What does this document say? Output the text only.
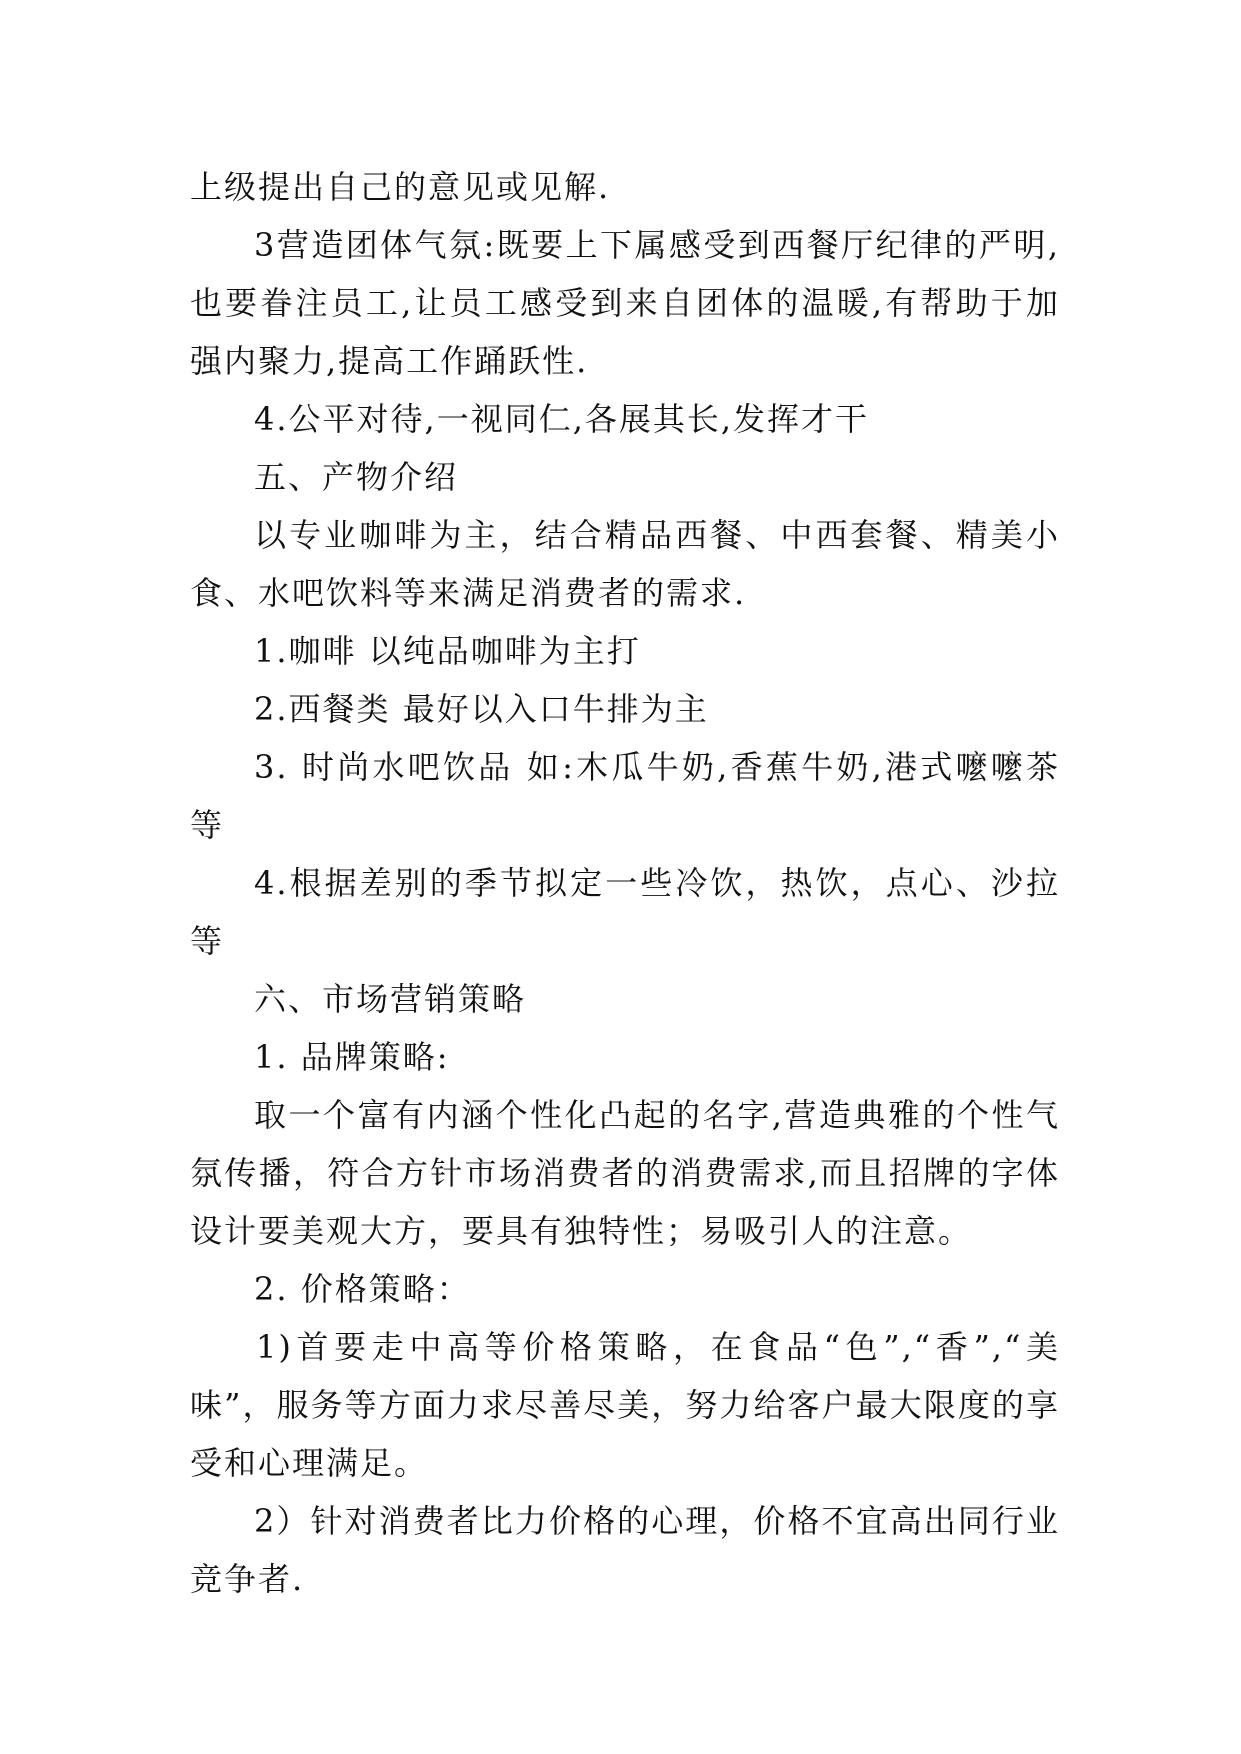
上级提出自己的意见或见解.

3营造团体气氛:既要上下属感受到西餐厅纪律的严明,也要眷注员工,让员工感受到来自团体的温暖,有帮助于加强内聚力,提高工作踊跃性.

4.公平对待,一视同仁,各展其长,发挥才干

五、产物介绍

以专业咖啡为主，结合精品西餐、中西套餐、精美小食、水吧饮料等来满足消费者的需求.

1.咖啡 以纯品咖啡为主打

2.西餐类 最好以入口牛排为主

3. 时尚水吧饮品 如:木瓜牛奶,香蕉牛奶,港式嚒嚒茶等

4.根据差别的季节拟定一些冷饮，热饮，点心、沙拉等

六、市场营销策略

1. 品牌策略:

取一个富有内涵个性化凸起的名字,营造典雅的个性气氛传播，符合方针市场消费者的消费需求,而且招牌的字体设计要美观大方，要具有独特性；易吸引人的注意。

2. 价格策略：

1)首要走中高等价格策略，在食品“色”,“香”,“美味”，服务等方面力求尽善尽美，努力给客户最大限度的享受和心理满足。

2）针对消费者比力价格的心理，价格不宜高出同行业竞争者.
